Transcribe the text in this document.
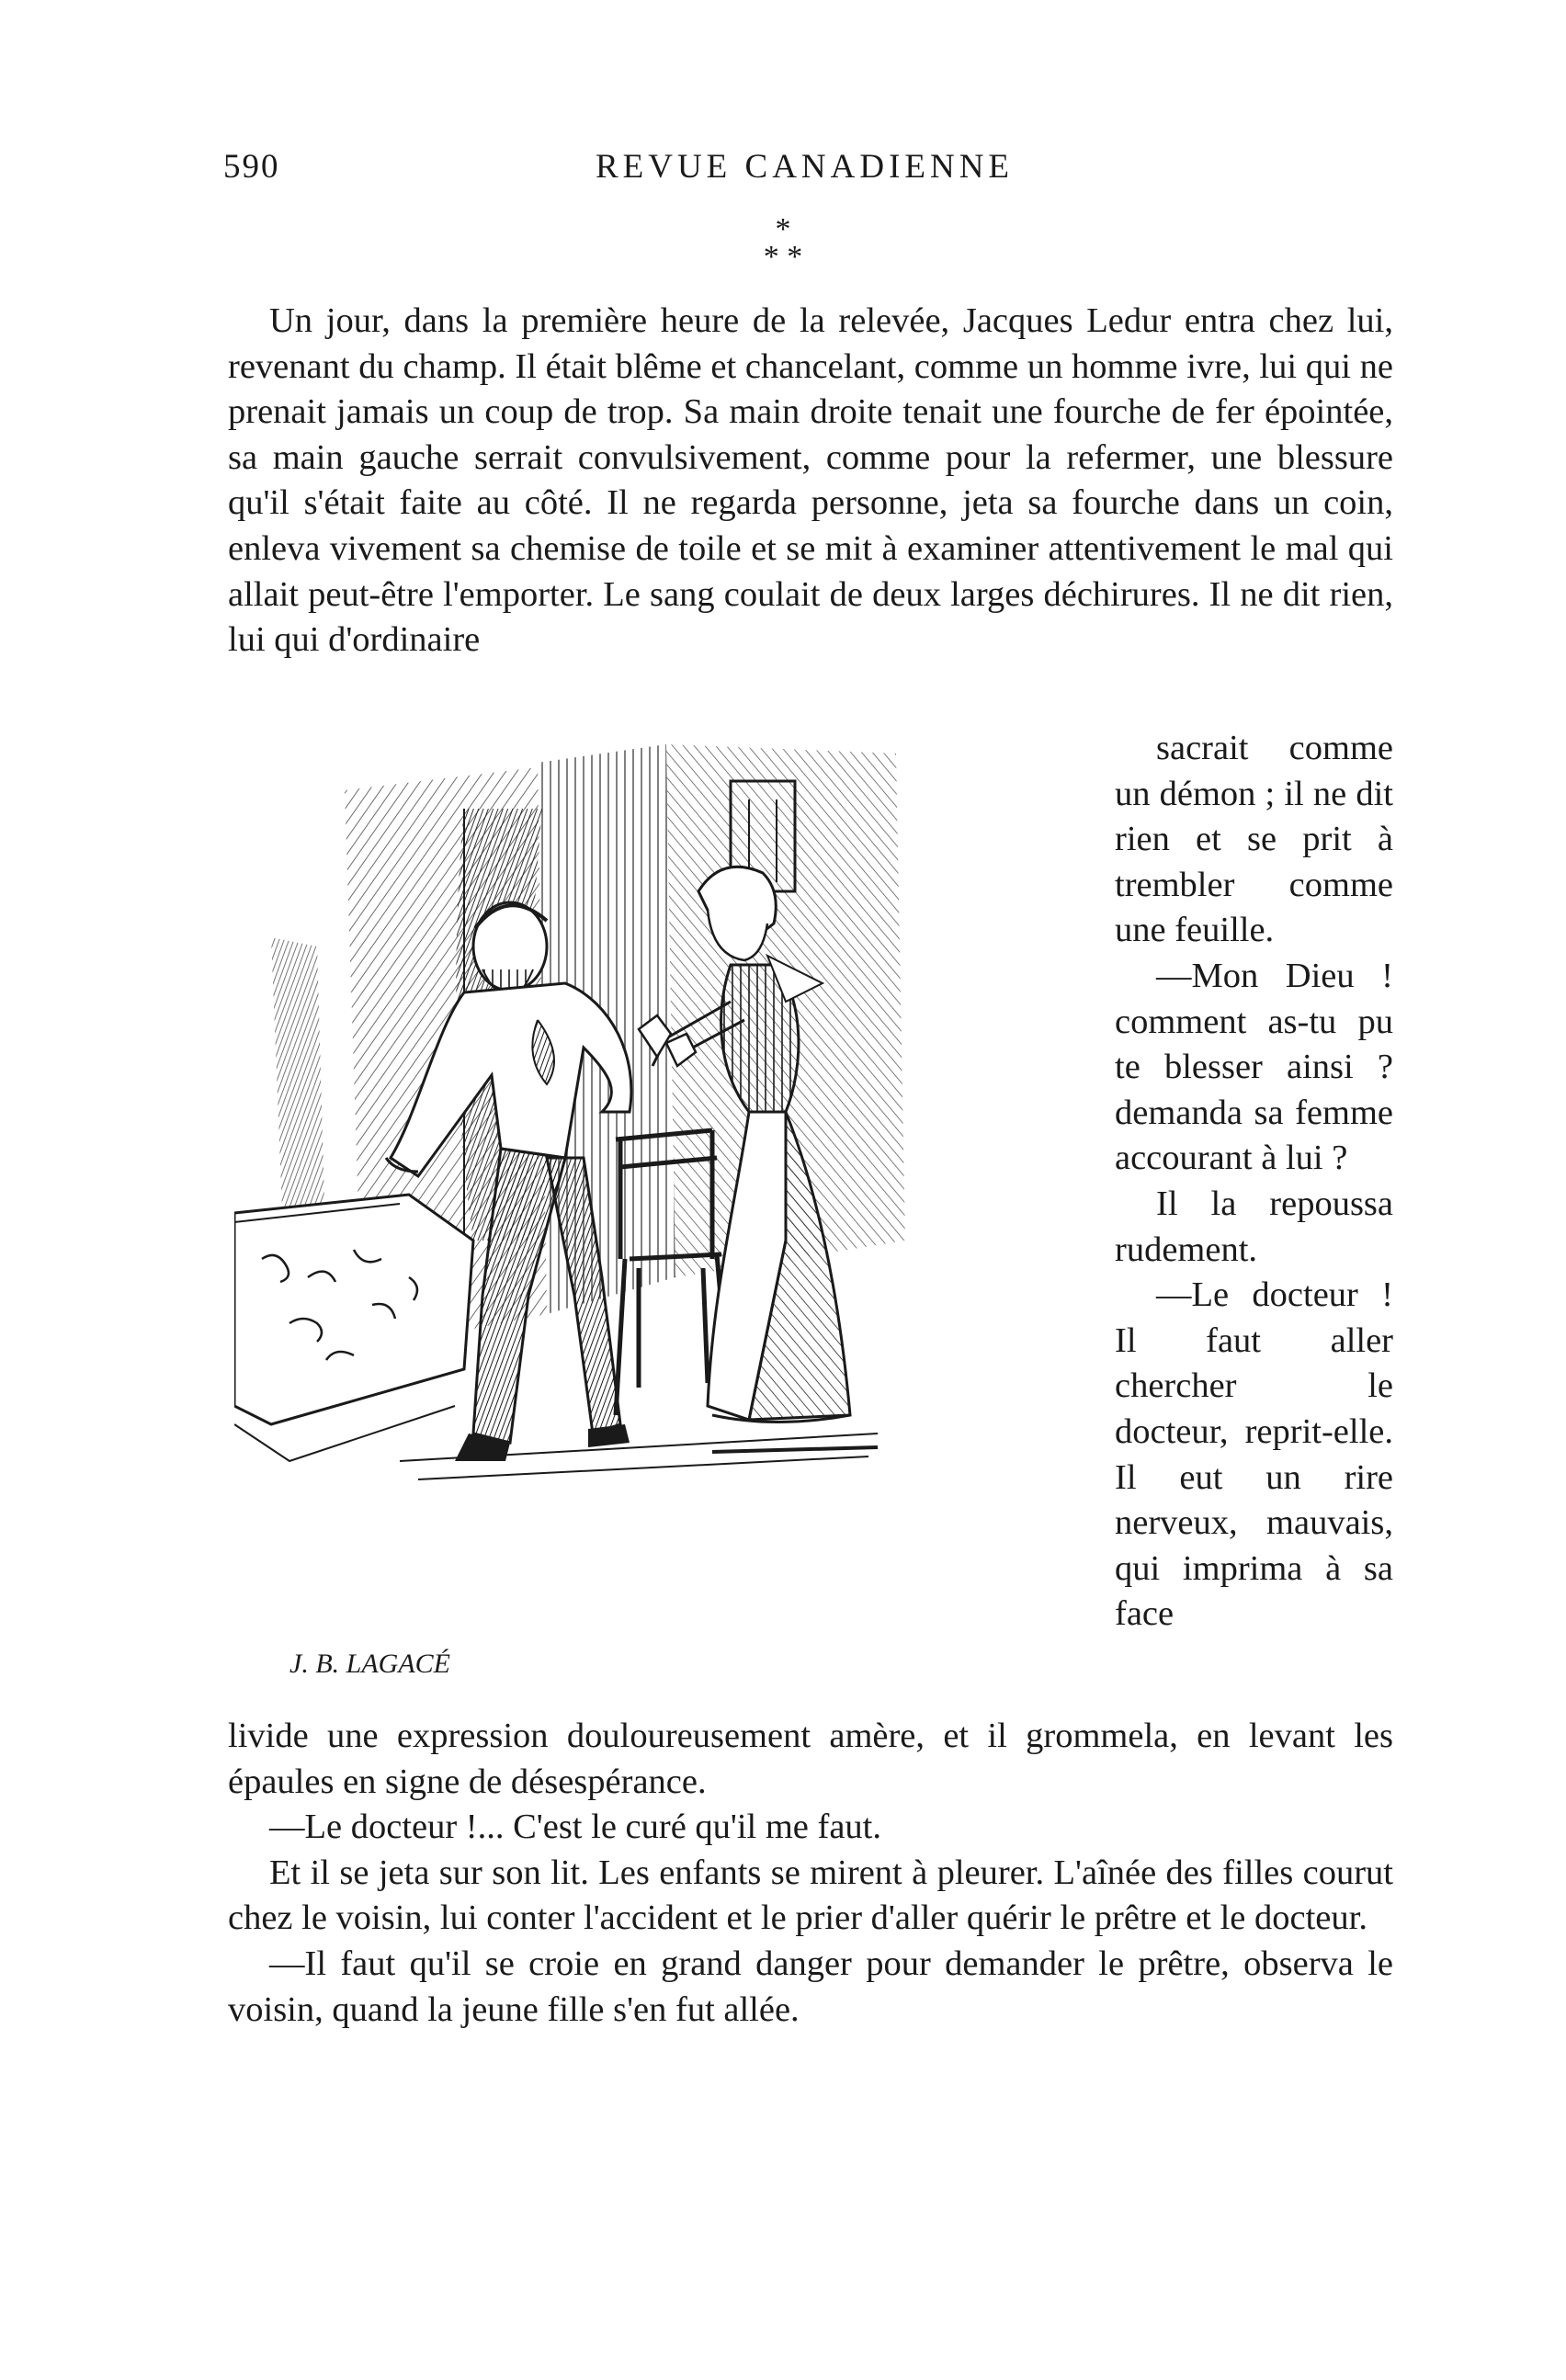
590	REVUE CANADIENNE
*
* *

Un jour, dans la première heure de la relevée, Jacques Ledur entra chez lui, revenant du champ. Il était blême et chancelant, comme un homme ivre, lui qui ne prenait jamais un coup de trop. Sa main droite tenait une fourche de fer épointée, sa main gauche serrait convulsivement, comme pour la refermer, une blessure qu'il s'était faite au côté. Il ne regarda personne, jeta sa fourche dans un coin, enleva vivement sa chemise de toile et se mit à examiner attentivement le mal qui allait peut-être l'emporter. Le sang coulait de deux larges déchirures. Il ne dit rien, lui qui d'ordinaire

sacrait comme un démon ; il ne dit rien et se prit à trembler comme une feuille.

—Mon Dieu ! comment as-tu pu te blesser ainsi ? demanda sa femme accourant à lui ?

Il la repoussa rudement.

—Le docteur ! Il faut aller chercher le docteur, reprit-elle. Il eut un rire nerveux, mauvais, qui imprima à sa face

J. B. LAGACÉ

livide une expression douloureusement amère, et il grommela, en levant les épaules en signe de désespérance.

—Le docteur !... C'est le curé qu'il me faut.

Et il se jeta sur son lit. Les enfants se mirent à pleurer. L'aînée des filles courut chez le voisin, lui conter l'accident et le prier d'aller quérir le prêtre et le docteur.

—Il faut qu'il se croie en grand danger pour demander le prêtre, observa le voisin, quand la jeune fille s'en fut allée.
